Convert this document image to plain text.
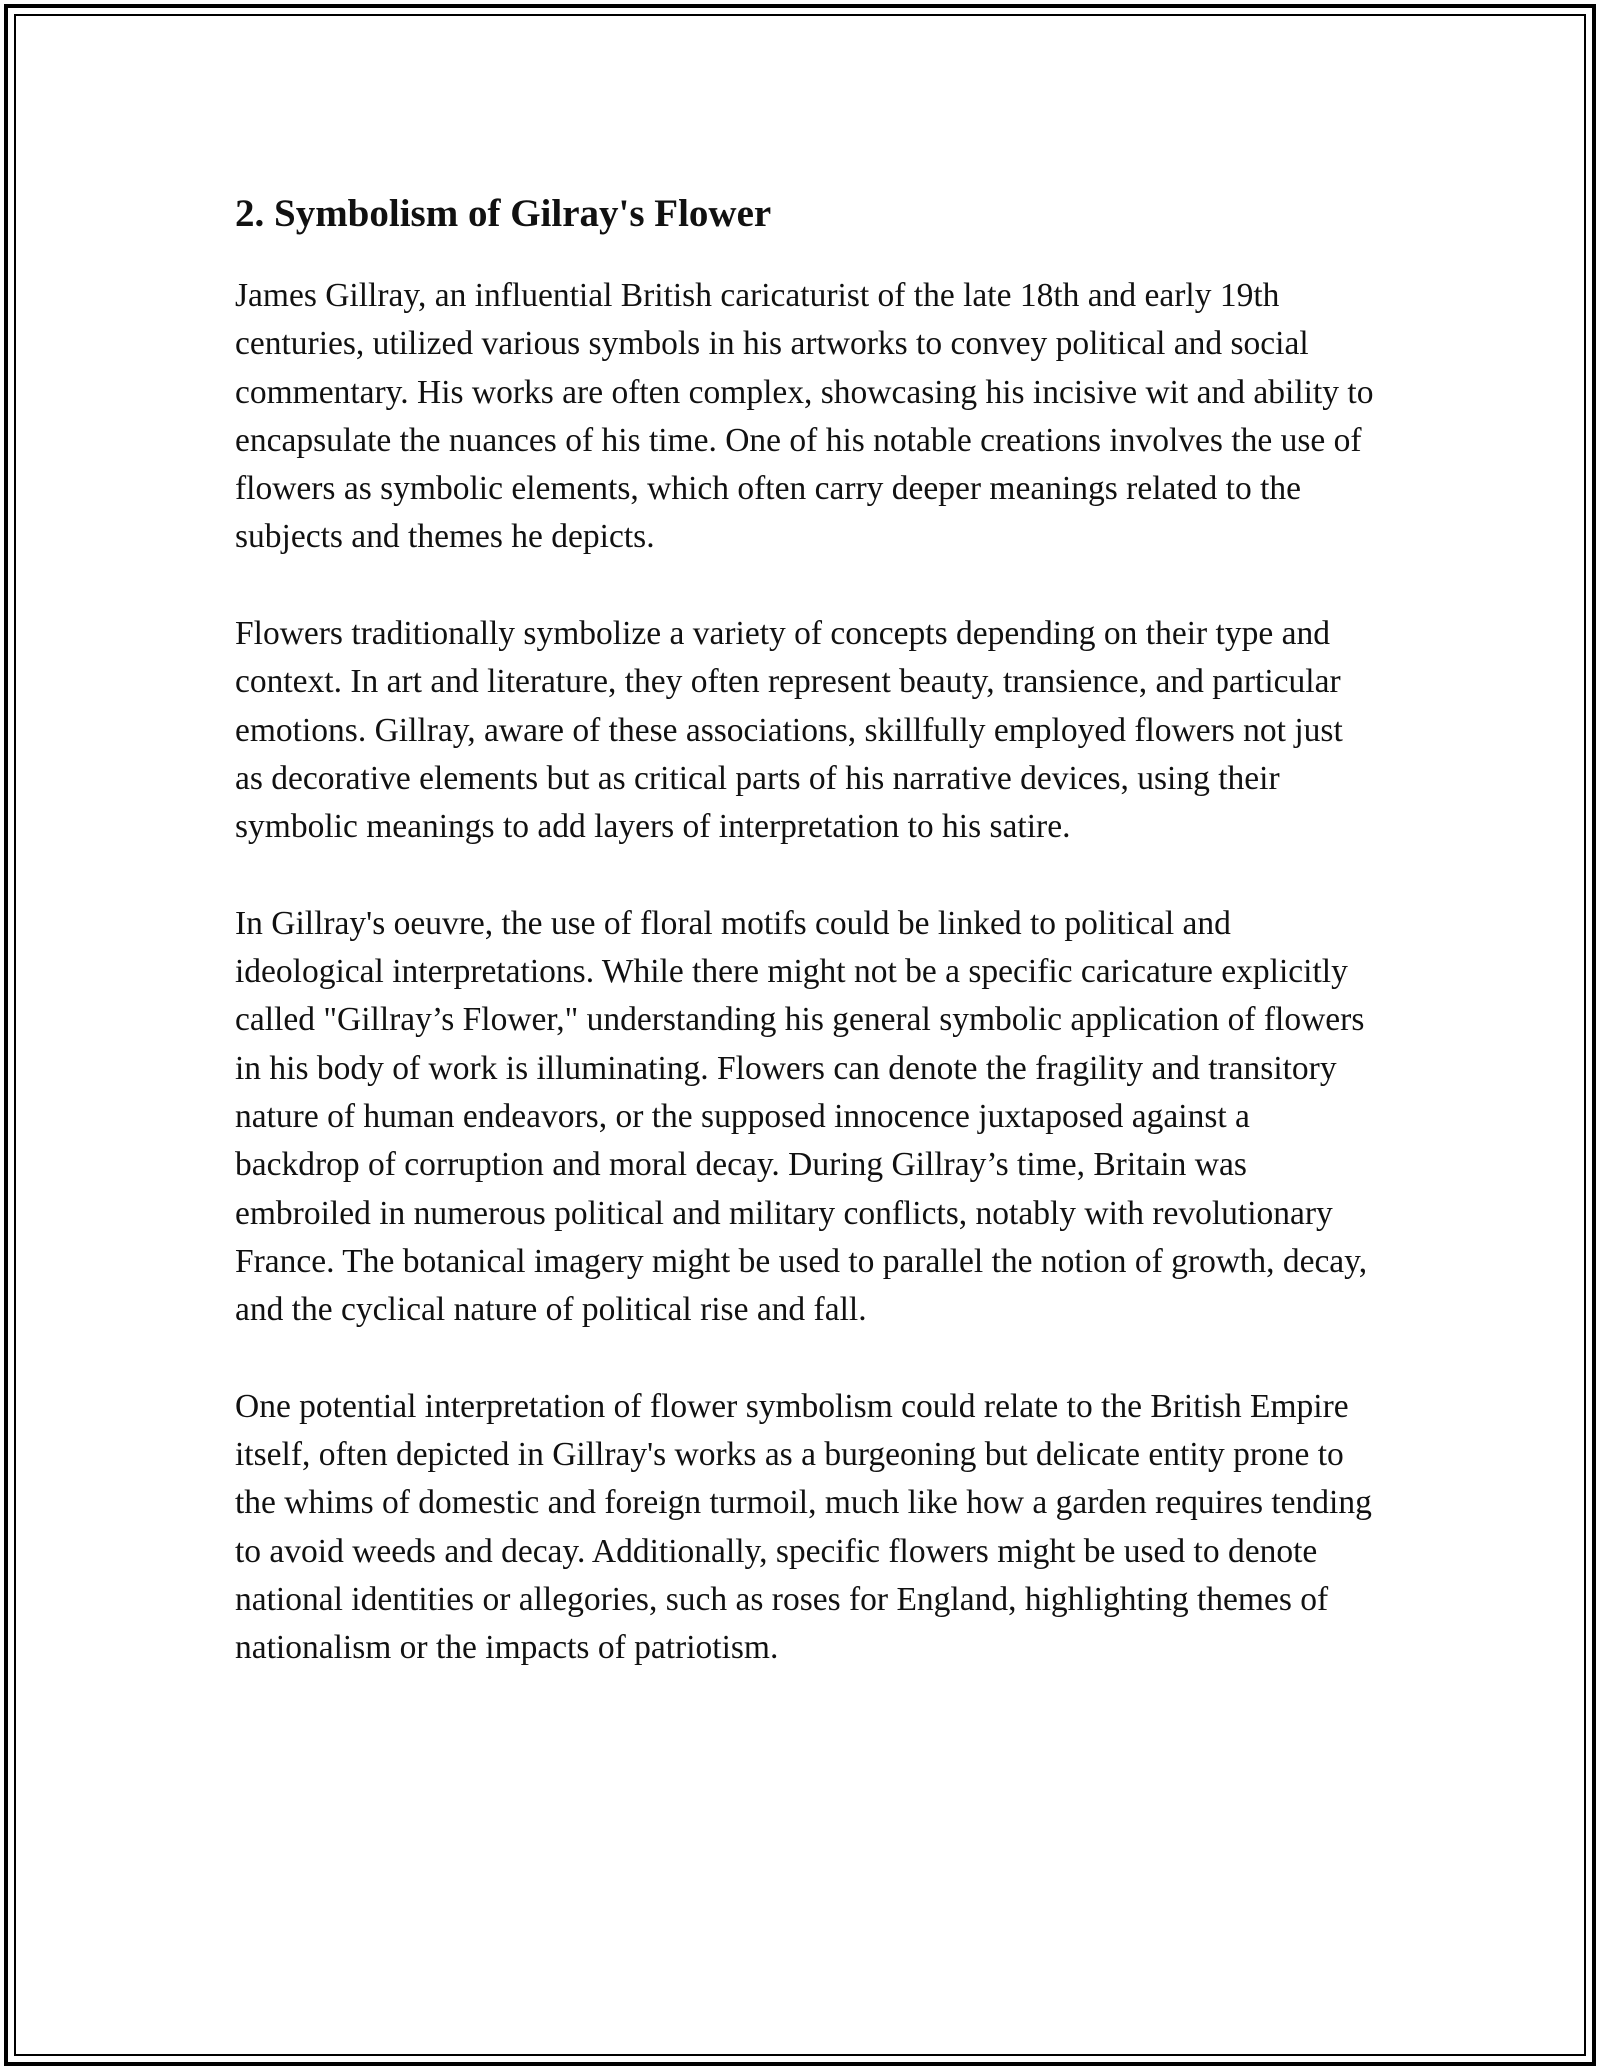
2. Symbolism of Gilray's Flower

James Gillray, an influential British caricaturist of the late 18th and early 19th centuries, utilized various symbols in his artworks to convey political and social commentary. His works are often complex, showcasing his incisive wit and ability to encapsulate the nuances of his time. One of his notable creations involves the use of flowers as symbolic elements, which often carry deeper meanings related to the subjects and themes he depicts.

Flowers traditionally symbolize a variety of concepts depending on their type and context. In art and literature, they often represent beauty, transience, and particular emotions. Gillray, aware of these associations, skillfully employed flowers not just as decorative elements but as critical parts of his narrative devices, using their symbolic meanings to add layers of interpretation to his satire.

In Gillray's oeuvre, the use of floral motifs could be linked to political and ideological interpretations. While there might not be a specific caricature explicitly called "Gillray’s Flower," understanding his general symbolic application of flowers in his body of work is illuminating. Flowers can denote the fragility and transitory nature of human endeavors, or the supposed innocence juxtaposed against a backdrop of corruption and moral decay. During Gillray’s time, Britain was embroiled in numerous political and military conflicts, notably with revolutionary France. The botanical imagery might be used to parallel the notion of growth, decay, and the cyclical nature of political rise and fall.

One potential interpretation of flower symbolism could relate to the British Empire itself, often depicted in Gillray's works as a burgeoning but delicate entity prone to the whims of domestic and foreign turmoil, much like how a garden requires tending to avoid weeds and decay. Additionally, specific flowers might be used to denote national identities or allegories, such as roses for England, highlighting themes of nationalism or the impacts of patriotism.
